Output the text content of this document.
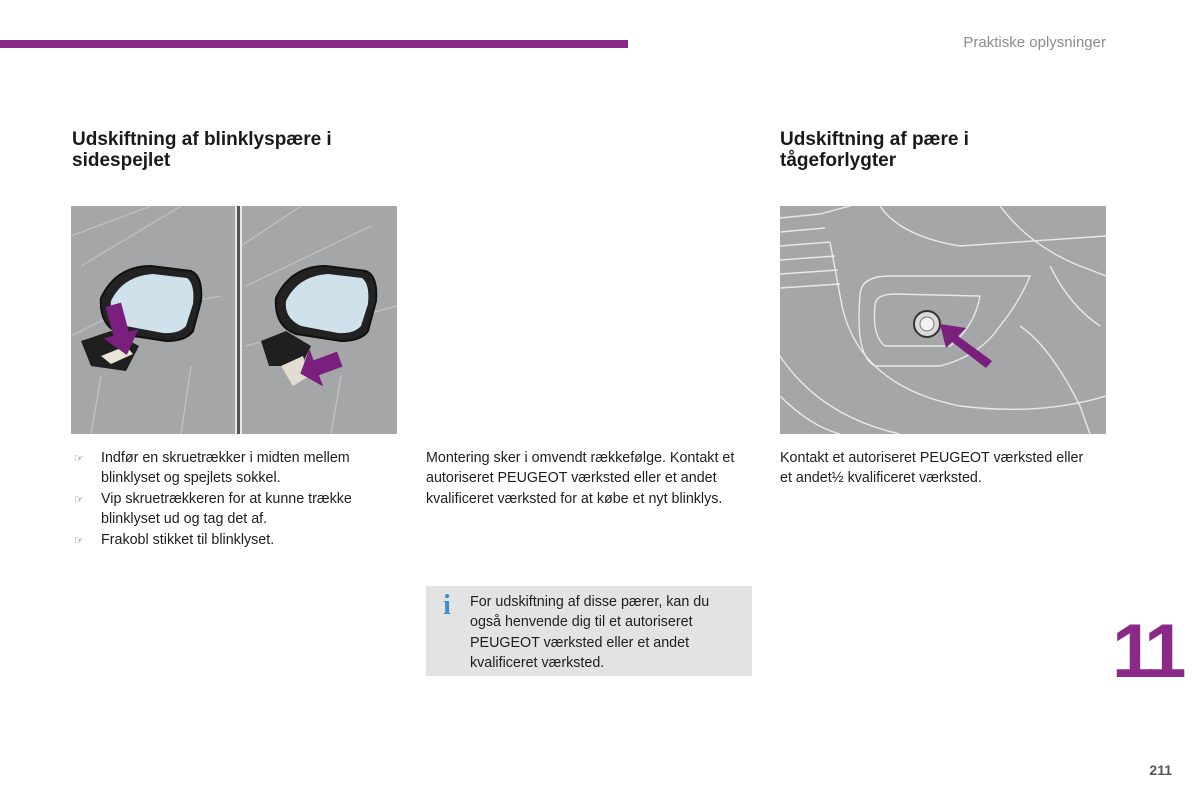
Praktiske oplysninger
Udskiftning af blinklyspære i sidespejlet
☞ Indfør en skruetrækker i midten mellem blinklyset og spejlets sokkel.
☞ Vip skruetrækkeren for at kunne trække blinklyset ud og tag det af.
☞ Frakobl stikket til blinklyset.

Montering sker i omvendt rækkefølge. Kontakt et autoriseret PEUGEOT værksted eller et andet kvalificeret værksted for at købe et nyt blinklys.

i For udskiftning af disse pærer, kan du også henvende dig til et autoriseret PEUGEOT værksted eller et andet kvalificeret værksted.
Udskiftning af pære i tågeforlygter

Kontakt et autoriseret PEUGEOT værksted eller et andet½ kvalificeret værksted.

11
211
